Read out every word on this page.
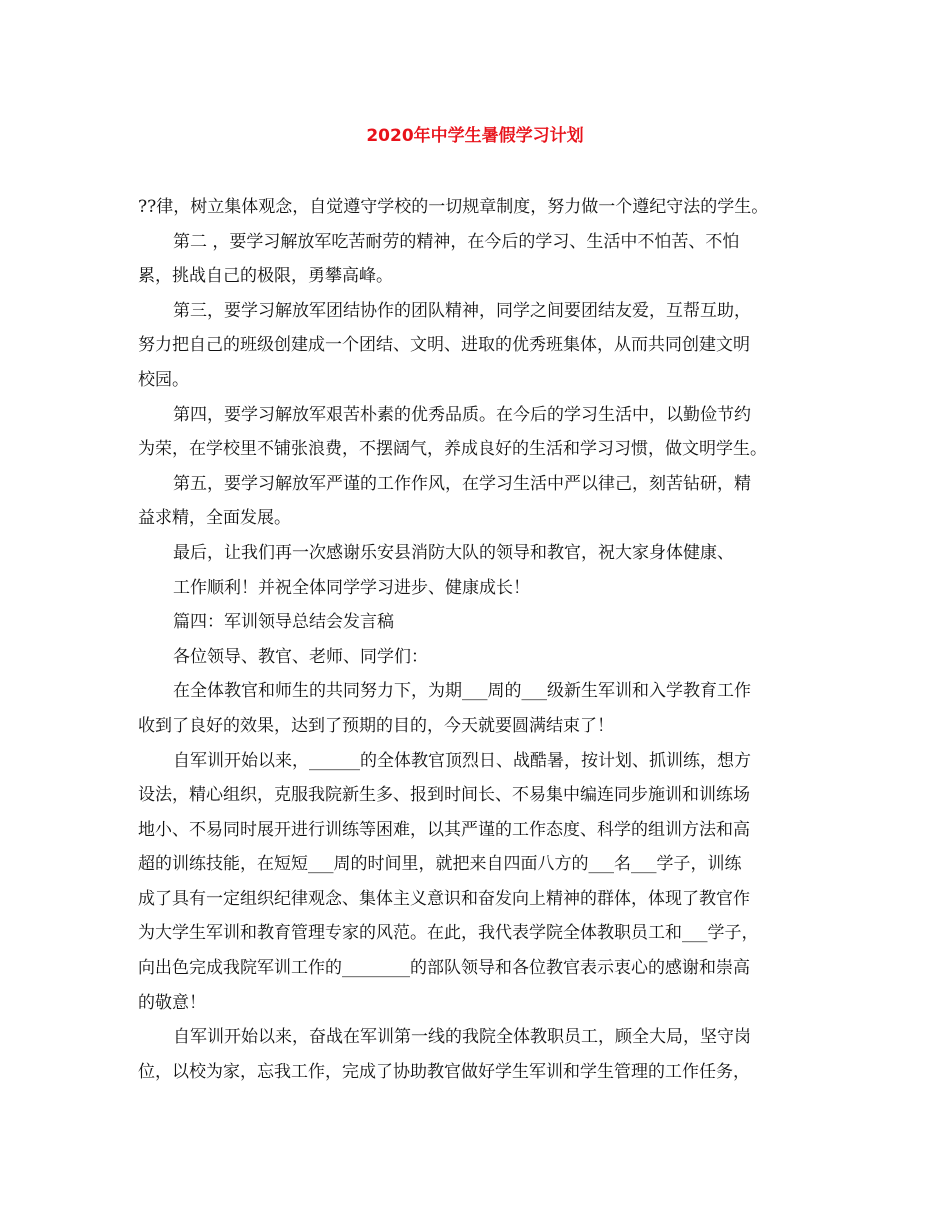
2020年中学生暑假学习计划
??律，树立集体观念，自觉遵守学校的一切规章制度，努力做一个遵纪守法的学生。
第二 ，要学习解放军吃苦耐劳的精神，在今后的学习、生活中不怕苦、不怕
累，挑战自己的极限，勇攀高峰。
第三，要学习解放军团结协作的团队精神，同学之间要团结友爱，互帮互助，
努力把自己的班级创建成一个团结、文明、进取的优秀班集体，从而共同创建文明
校园。
第四，要学习解放军艰苦朴素的优秀品质。在今后的学习生活中，以勤俭节约
为荣，在学校里不铺张浪费，不摆阔气，养成良好的生活和学习习惯，做文明学生。
第五，要学习解放军严谨的工作作风，在学习生活中严以律己，刻苦钻研，精
益求精，全面发展。
最后，让我们再一次感谢乐安县消防大队的领导和教官，祝大家身体健康、
工作顺利！并祝全体同学学习进步、健康成长！
篇四：军训领导总结会发言稿
各位领导、教官、老师、同学们：
在全体教官和师生的共同努力下，为期___周的___级新生军训和入学教育工作
收到了良好的效果，达到了预期的目的，今天就要圆满结束了！
自军训开始以来，______的全体教官顶烈日、战酷暑，按计划、抓训练，想方
设法，精心组织，克服我院新生多、报到时间长、不易集中编连同步施训和训练场
地小、不易同时展开进行训练等困难，以其严谨的工作态度、科学的组训方法和高
超的训练技能，在短短___周的时间里，就把来自四面八方的___名___学子，训练
成了具有一定组织纪律观念、集体主义意识和奋发向上精神的群体，体现了教官作
为大学生军训和教育管理专家的风范。在此，我代表学院全体教职员工和___学子，
向出色完成我院军训工作的________的部队领导和各位教官表示衷心的感谢和崇高
的敬意！
自军训开始以来，奋战在军训第一线的我院全体教职员工，顾全大局，坚守岗
位，以校为家，忘我工作，完成了协助教官做好学生军训和学生管理的工作任务，
